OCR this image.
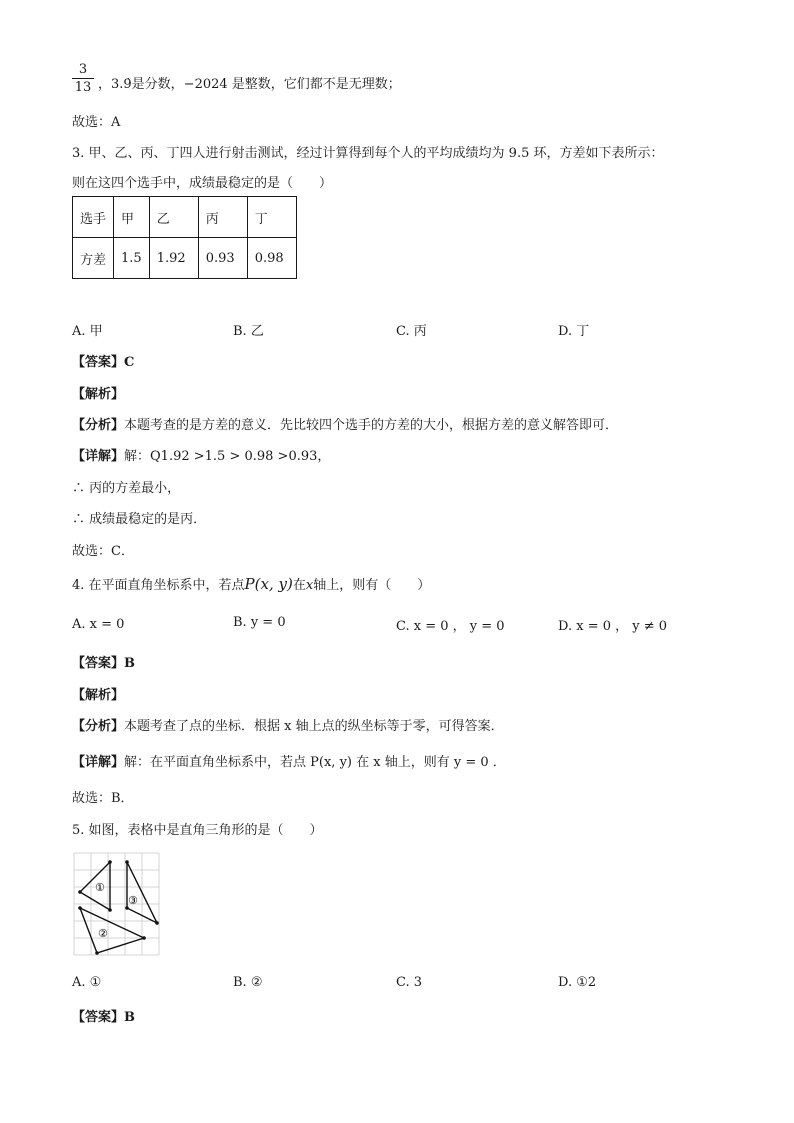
3
13 ，3.9̇是分数，−2024 是整数，它们都不是无理数；
故选：A
3. 甲、乙、丙、丁四人进行射击测试，经过计算得到每个人的平均成绩均为 9.5 环，方差如下表所示：
则在这四个选手中，成绩最稳定的是（　　）
选手	甲	乙	丙	丁
方差	1.5	1.92	0.93	0.98
A. 甲	B. 乙	C. 丙	D. 丁
【答案】C
【解析】
【分析】本题考查的是方差的意义．先比较四个选手的方差的大小，根据方差的意义解答即可．
【详解】解：Q1.92 >1.5 > 0.98 >0.93，
∴ 丙的方差最小，
∴ 成绩最稳定的是丙．
故选：C．
4. 在平面直角坐标系中，若点P(x, y)在x轴上，则有（　　）
A. x = 0	B. y = 0	C. x = 0 ， y = 0	D. x = 0 ， y ≠ 0
【答案】B
【解析】
【分析】本题考查了点的坐标．根据 x 轴上点的纵坐标等于零，可得答案．
【详解】解：在平面直角坐标系中，若点 P(x, y) 在 x 轴上，则有 y = 0 ．
故选：B．
5. 如图，表格中是直角三角形的是（　　）
①
②
③
A. ①	B. ②	C. 3	D. ①2
【答案】B
